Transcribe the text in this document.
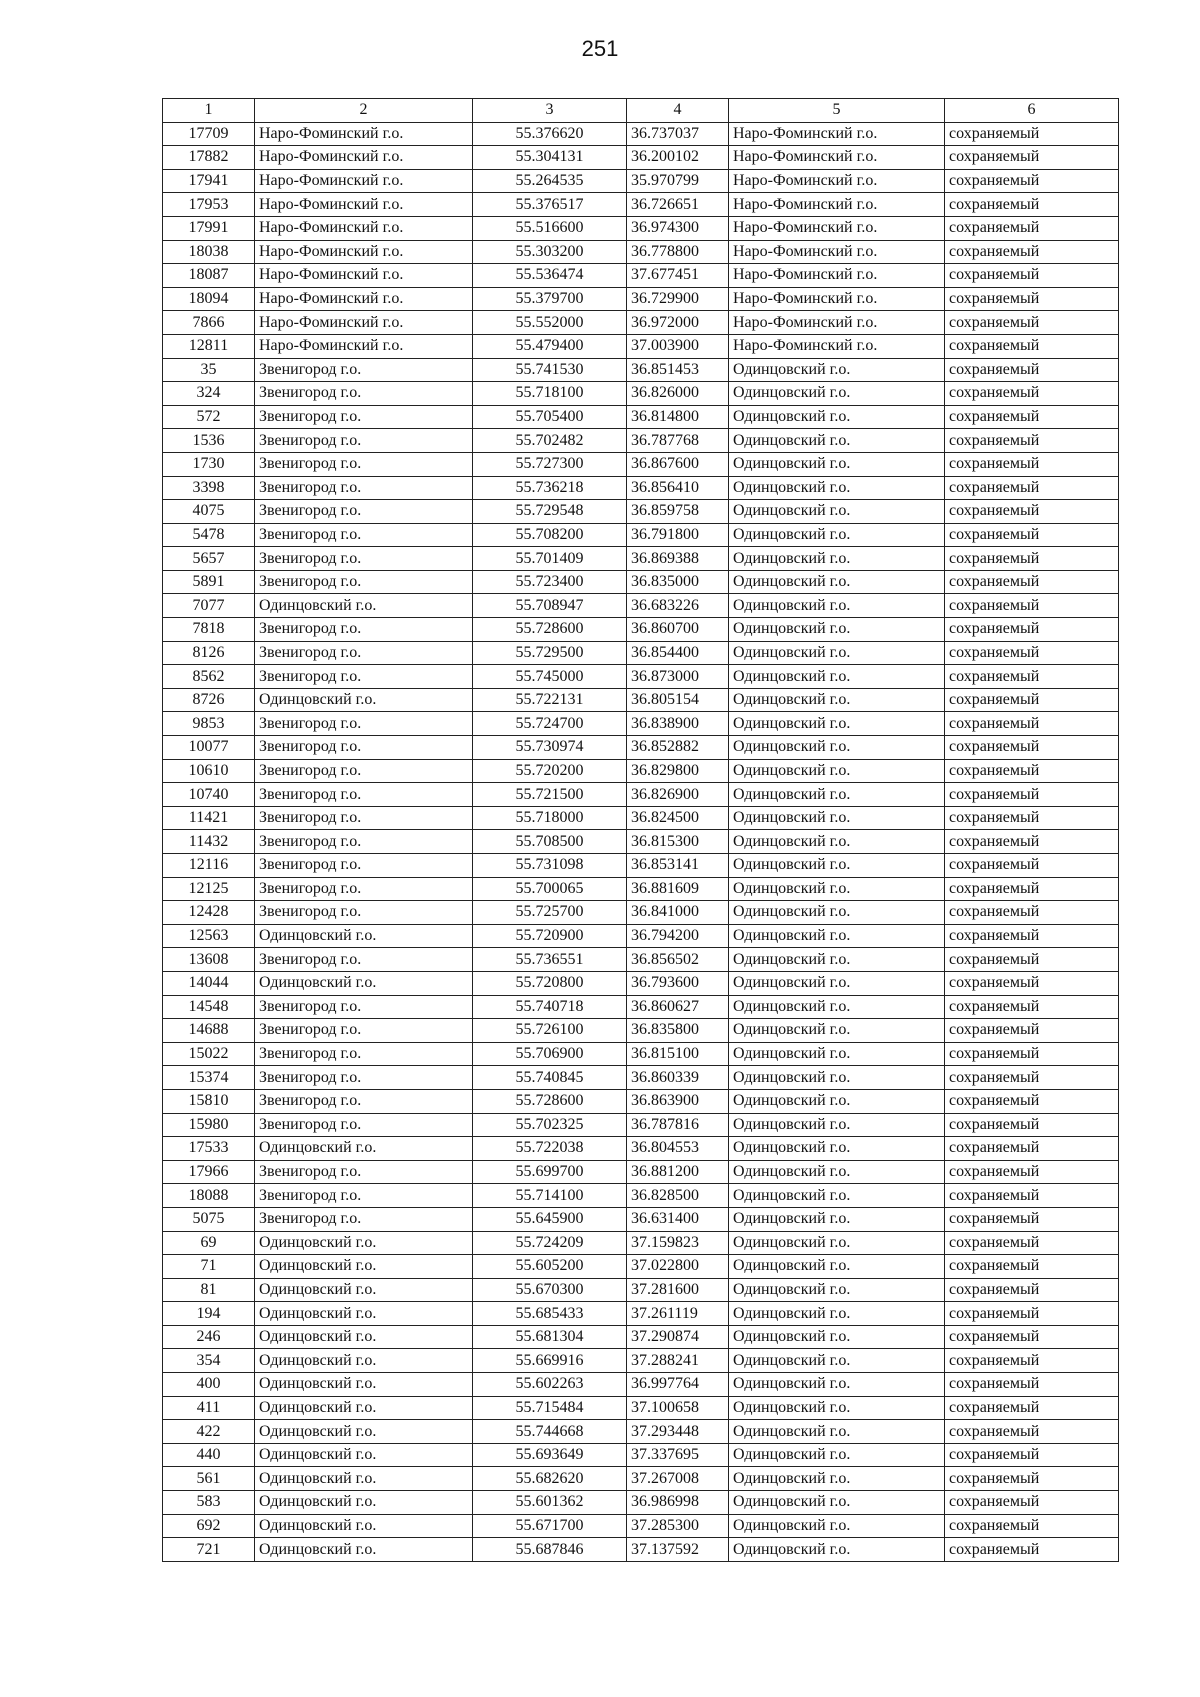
251
1	2	3	4	5	6
17709	Наро-Фоминский г.о.	55.376620	36.737037	Наро-Фоминский г.о.	сохраняемый
17882	Наро-Фоминский г.о.	55.304131	36.200102	Наро-Фоминский г.о.	сохраняемый
17941	Наро-Фоминский г.о.	55.264535	35.970799	Наро-Фоминский г.о.	сохраняемый
17953	Наро-Фоминский г.о.	55.376517	36.726651	Наро-Фоминский г.о.	сохраняемый
17991	Наро-Фоминский г.о.	55.516600	36.974300	Наро-Фоминский г.о.	сохраняемый
18038	Наро-Фоминский г.о.	55.303200	36.778800	Наро-Фоминский г.о.	сохраняемый
18087	Наро-Фоминский г.о.	55.536474	37.677451	Наро-Фоминский г.о.	сохраняемый
18094	Наро-Фоминский г.о.	55.379700	36.729900	Наро-Фоминский г.о.	сохраняемый
7866	Наро-Фоминский г.о.	55.552000	36.972000	Наро-Фоминский г.о.	сохраняемый
12811	Наро-Фоминский г.о.	55.479400	37.003900	Наро-Фоминский г.о.	сохраняемый
35	Звенигород г.о.	55.741530	36.851453	Одинцовский г.о.	сохраняемый
324	Звенигород г.о.	55.718100	36.826000	Одинцовский г.о.	сохраняемый
572	Звенигород г.о.	55.705400	36.814800	Одинцовский г.о.	сохраняемый
1536	Звенигород г.о.	55.702482	36.787768	Одинцовский г.о.	сохраняемый
1730	Звенигород г.о.	55.727300	36.867600	Одинцовский г.о.	сохраняемый
3398	Звенигород г.о.	55.736218	36.856410	Одинцовский г.о.	сохраняемый
4075	Звенигород г.о.	55.729548	36.859758	Одинцовский г.о.	сохраняемый
5478	Звенигород г.о.	55.708200	36.791800	Одинцовский г.о.	сохраняемый
5657	Звенигород г.о.	55.701409	36.869388	Одинцовский г.о.	сохраняемый
5891	Звенигород г.о.	55.723400	36.835000	Одинцовский г.о.	сохраняемый
7077	Одинцовский г.о.	55.708947	36.683226	Одинцовский г.о.	сохраняемый
7818	Звенигород г.о.	55.728600	36.860700	Одинцовский г.о.	сохраняемый
8126	Звенигород г.о.	55.729500	36.854400	Одинцовский г.о.	сохраняемый
8562	Звенигород г.о.	55.745000	36.873000	Одинцовский г.о.	сохраняемый
8726	Одинцовский г.о.	55.722131	36.805154	Одинцовский г.о.	сохраняемый
9853	Звенигород г.о.	55.724700	36.838900	Одинцовский г.о.	сохраняемый
10077	Звенигород г.о.	55.730974	36.852882	Одинцовский г.о.	сохраняемый
10610	Звенигород г.о.	55.720200	36.829800	Одинцовский г.о.	сохраняемый
10740	Звенигород г.о.	55.721500	36.826900	Одинцовский г.о.	сохраняемый
11421	Звенигород г.о.	55.718000	36.824500	Одинцовский г.о.	сохраняемый
11432	Звенигород г.о.	55.708500	36.815300	Одинцовский г.о.	сохраняемый
12116	Звенигород г.о.	55.731098	36.853141	Одинцовский г.о.	сохраняемый
12125	Звенигород г.о.	55.700065	36.881609	Одинцовский г.о.	сохраняемый
12428	Звенигород г.о.	55.725700	36.841000	Одинцовский г.о.	сохраняемый
12563	Одинцовский г.о.	55.720900	36.794200	Одинцовский г.о.	сохраняемый
13608	Звенигород г.о.	55.736551	36.856502	Одинцовский г.о.	сохраняемый
14044	Одинцовский г.о.	55.720800	36.793600	Одинцовский г.о.	сохраняемый
14548	Звенигород г.о.	55.740718	36.860627	Одинцовский г.о.	сохраняемый
14688	Звенигород г.о.	55.726100	36.835800	Одинцовский г.о.	сохраняемый
15022	Звенигород г.о.	55.706900	36.815100	Одинцовский г.о.	сохраняемый
15374	Звенигород г.о.	55.740845	36.860339	Одинцовский г.о.	сохраняемый
15810	Звенигород г.о.	55.728600	36.863900	Одинцовский г.о.	сохраняемый
15980	Звенигород г.о.	55.702325	36.787816	Одинцовский г.о.	сохраняемый
17533	Одинцовский г.о.	55.722038	36.804553	Одинцовский г.о.	сохраняемый
17966	Звенигород г.о.	55.699700	36.881200	Одинцовский г.о.	сохраняемый
18088	Звенигород г.о.	55.714100	36.828500	Одинцовский г.о.	сохраняемый
5075	Звенигород г.о.	55.645900	36.631400	Одинцовский г.о.	сохраняемый
69	Одинцовский г.о.	55.724209	37.159823	Одинцовский г.о.	сохраняемый
71	Одинцовский г.о.	55.605200	37.022800	Одинцовский г.о.	сохраняемый
81	Одинцовский г.о.	55.670300	37.281600	Одинцовский г.о.	сохраняемый
194	Одинцовский г.о.	55.685433	37.261119	Одинцовский г.о.	сохраняемый
246	Одинцовский г.о.	55.681304	37.290874	Одинцовский г.о.	сохраняемый
354	Одинцовский г.о.	55.669916	37.288241	Одинцовский г.о.	сохраняемый
400	Одинцовский г.о.	55.602263	36.997764	Одинцовский г.о.	сохраняемый
411	Одинцовский г.о.	55.715484	37.100658	Одинцовский г.о.	сохраняемый
422	Одинцовский г.о.	55.744668	37.293448	Одинцовский г.о.	сохраняемый
440	Одинцовский г.о.	55.693649	37.337695	Одинцовский г.о.	сохраняемый
561	Одинцовский г.о.	55.682620	37.267008	Одинцовский г.о.	сохраняемый
583	Одинцовский г.о.	55.601362	36.986998	Одинцовский г.о.	сохраняемый
692	Одинцовский г.о.	55.671700	37.285300	Одинцовский г.о.	сохраняемый
721	Одинцовский г.о.	55.687846	37.137592	Одинцовский г.о.	сохраняемый
